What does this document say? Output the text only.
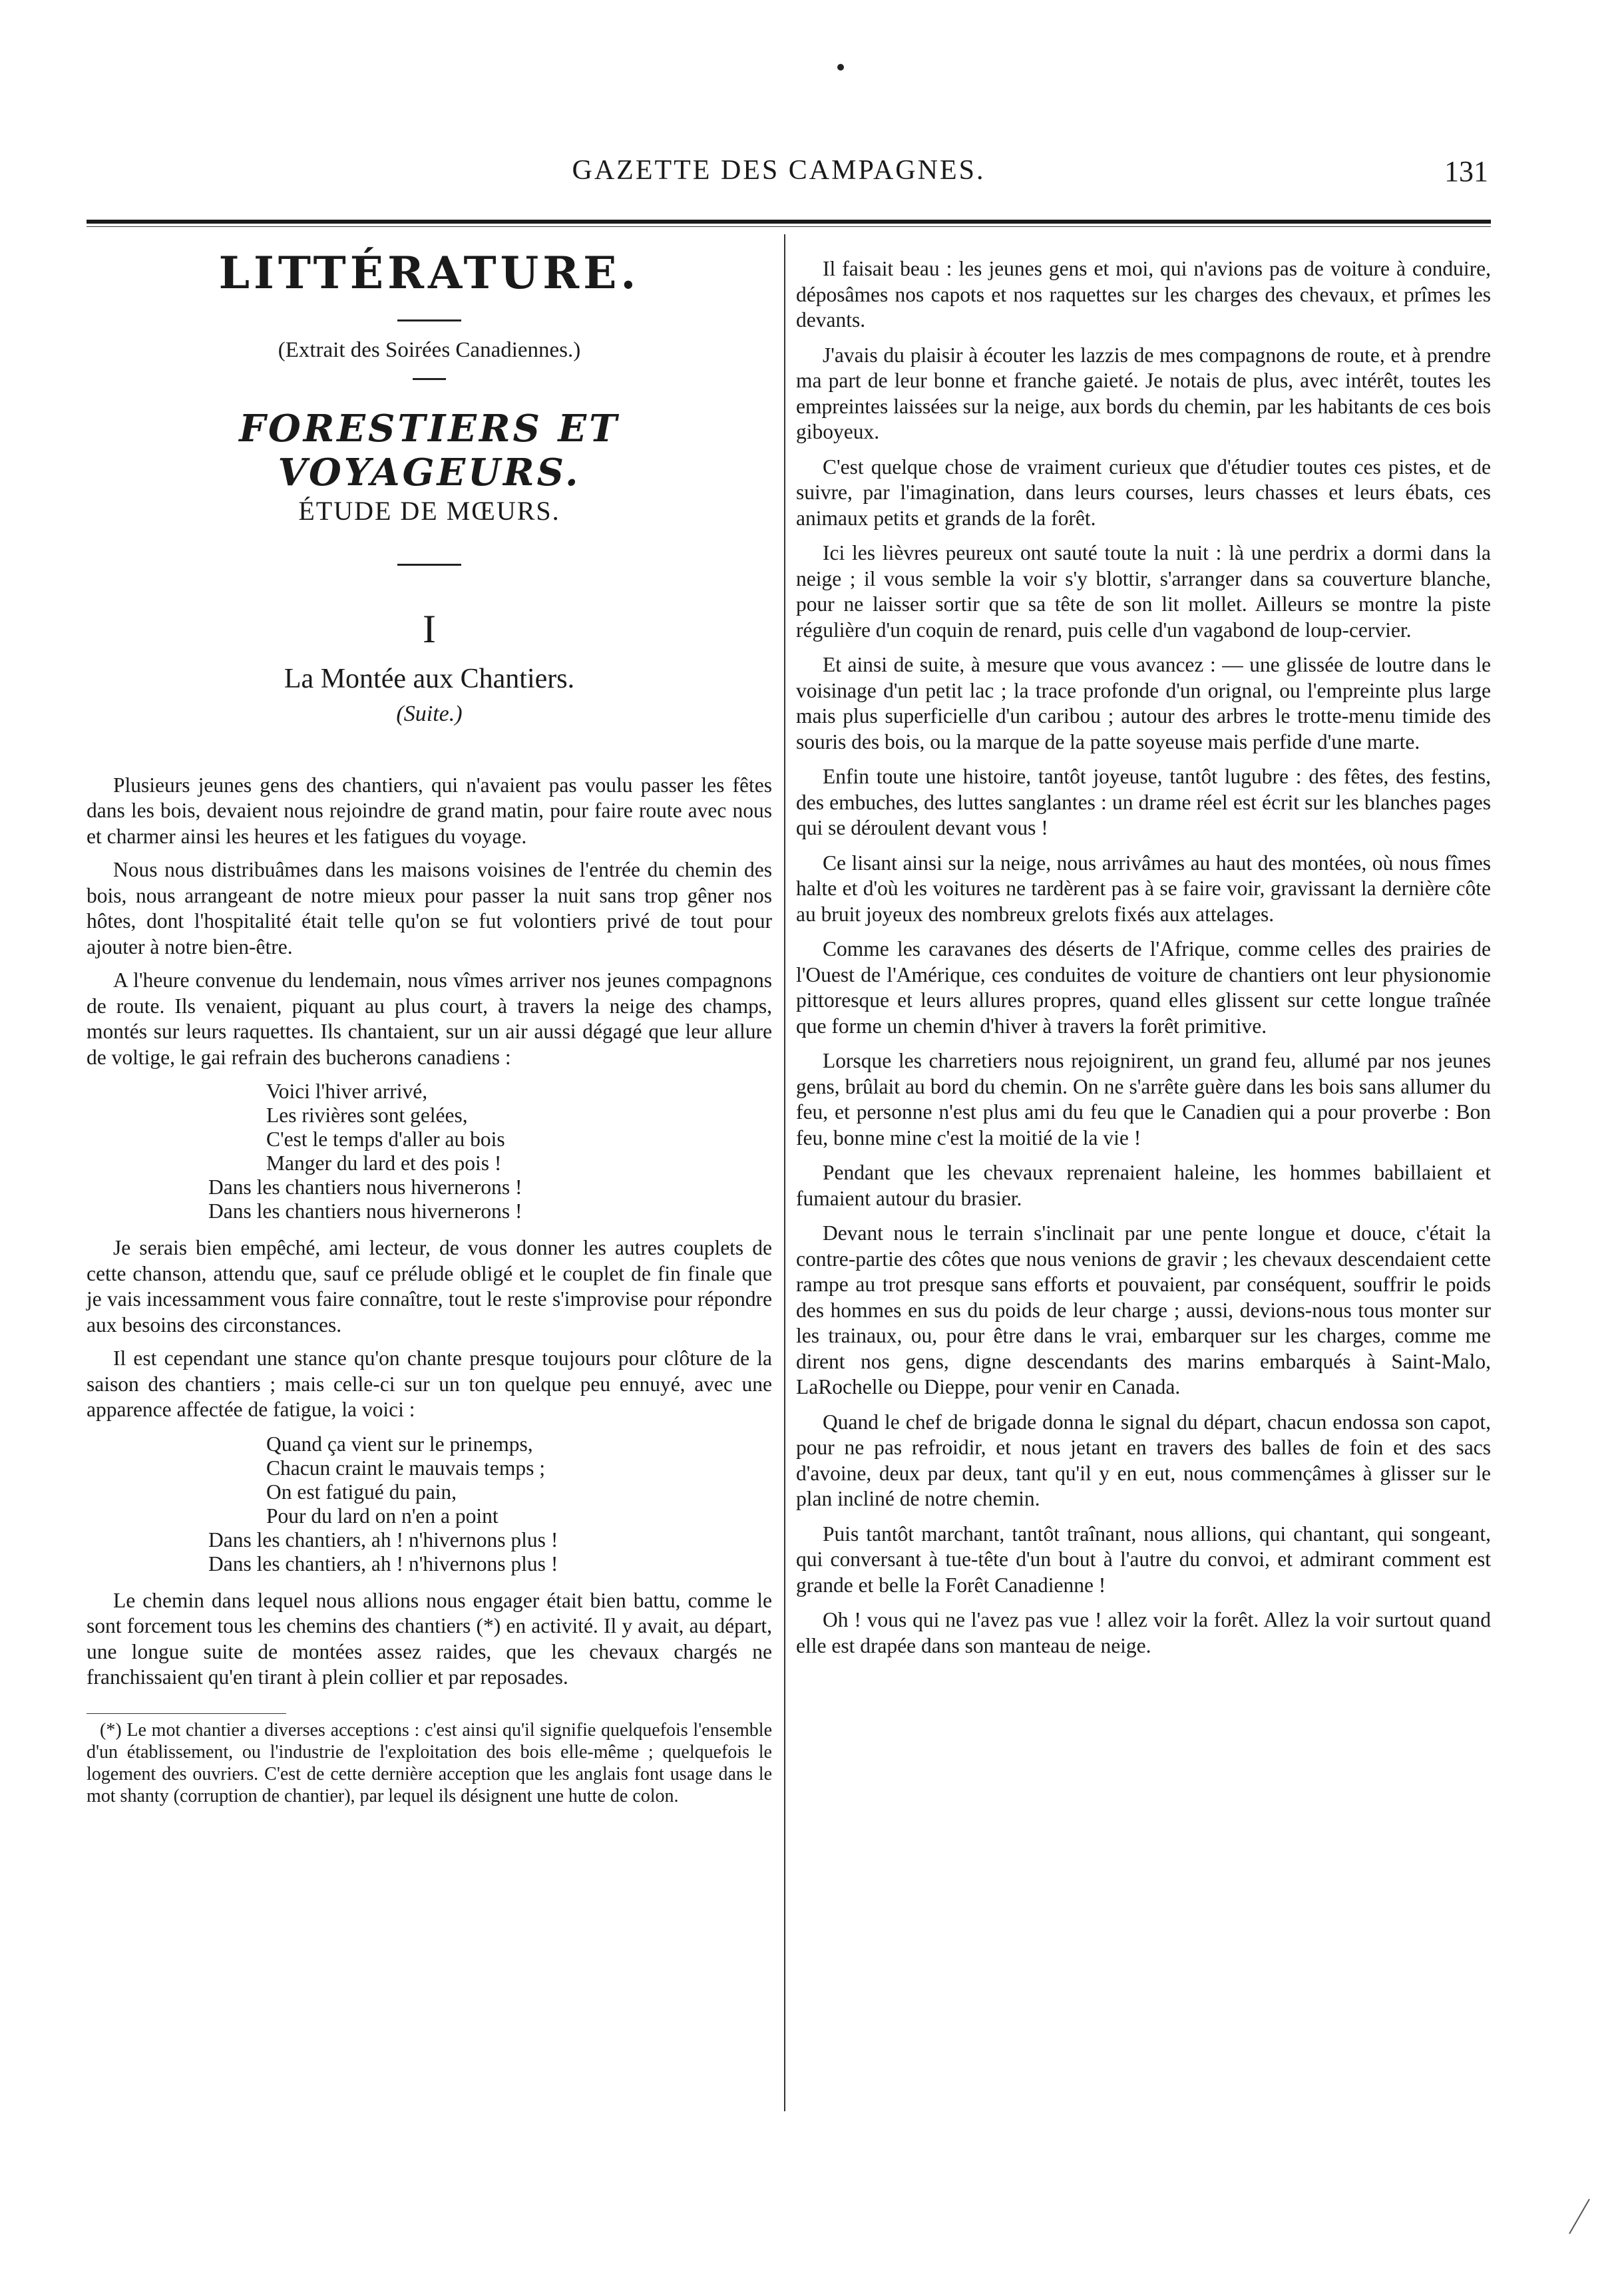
GAZETTE DES CAMPAGNES.	131
LITTÉRATURE.
(Extrait des Soirées Canadiennes.)
FORESTIERS ET VOYAGEURS.
ÉTUDE DE MŒURS.
I
La Montée aux Chantiers.
(Suite.)

Plusieurs jeunes gens des chantiers, qui n'avaient pas voulu passer les fêtes dans les bois, devaient nous rejoindre de grand matin, pour faire route avec nous et charmer ainsi les heures et les fatigues du voyage.

Nous nous distribuâmes dans les maisons voisines de l'entrée du chemin des bois, nous arrangeant de notre mieux pour passer la nuit sans trop gêner nos hôtes, dont l'hospitalité était telle qu'on se fut volontiers privé de tout pour ajouter à notre bien-être.

A l'heure convenue du lendemain, nous vîmes arriver nos jeunes compagnons de route. Ils venaient, piquant au plus court, à travers la neige des champs, montés sur leurs raquettes. Ils chantaient, sur un air aussi dégagé que leur allure de voltige, le gai refrain des bucherons canadiens :

Voici l'hiver arrivé,
Les rivières sont gelées,
C'est le temps d'aller au bois
Manger du lard et des pois !
Dans les chantiers nous hivernerons !
Dans les chantiers nous hivernerons !

Je serais bien empêché, ami lecteur, de vous donner les autres couplets de cette chanson, attendu que, sauf ce prélude obligé et le couplet de fin finale que je vais incessamment vous faire connaître, tout le reste s'improvise pour répondre aux besoins des circonstances.

Il est cependant une stance qu'on chante presque toujours pour clôture de la saison des chantiers ; mais celle-ci sur un ton quelque peu ennuyé, avec une apparence affectée de fatigue, la voici :

Quand ça vient sur le prinemps,
Chacun craint le mauvais temps ;
On est fatigué du pain,
Pour du lard on n'en a point
Dans les chantiers, ah ! n'hivernons plus !
Dans les chantiers, ah ! n'hivernons plus !

Le chemin dans lequel nous allions nous engager était bien battu, comme le sont forcement tous les chemins des chantiers (*) en activité. Il y avait, au départ, une longue suite de montées assez raides, que les chevaux chargés ne franchissaient qu'en tirant à plein collier et par reposades.

(*) Le mot chantier a diverses acceptions : c'est ainsi qu'il signifie quelquefois l'ensemble d'un établissement, ou l'industrie de l'exploitation des bois elle-même ; quelquefois le logement des ouvriers. C'est de cette dernière acception que les anglais font usage dans le mot shanty (corruption de chantier), par lequel ils désignent une hutte de colon.

Il faisait beau : les jeunes gens et moi, qui n'avions pas de voiture à conduire, déposâmes nos capots et nos raquettes sur les charges des chevaux, et prîmes les devants.

J'avais du plaisir à écouter les lazzis de mes compagnons de route, et à prendre ma part de leur bonne et franche gaieté. Je notais de plus, avec intérêt, toutes les empreintes laissées sur la neige, aux bords du chemin, par les habitants de ces bois giboyeux.

C'est quelque chose de vraiment curieux que d'étudier toutes ces pistes, et de suivre, par l'imagination, dans leurs courses, leurs chasses et leurs ébats, ces animaux petits et grands de la forêt.

Ici les lièvres peureux ont sauté toute la nuit : là une perdrix a dormi dans la neige ; il vous semble la voir s'y blottir, s'arranger dans sa couverture blanche, pour ne laisser sortir que sa tête de son lit mollet. Ailleurs se montre la piste régulière d'un coquin de renard, puis celle d'un vagabond de loup-cervier.

Et ainsi de suite, à mesure que vous avancez : — une glissée de loutre dans le voisinage d'un petit lac ; la trace profonde d'un orignal, ou l'empreinte plus large mais plus superficielle d'un caribou ; autour des arbres le trotte-menu timide des souris des bois, ou la marque de la patte soyeuse mais perfide d'une marte.

Enfin toute une histoire, tantôt joyeuse, tantôt lugubre : des fêtes, des festins, des embuches, des luttes sanglantes : un drame réel est écrit sur les blanches pages qui se déroulent devant vous !

Ce lisant ainsi sur la neige, nous arrivâmes au haut des montées, où nous fîmes halte et d'où les voitures ne tardèrent pas à se faire voir, gravissant la dernière côte au bruit joyeux des nombreux grelots fixés aux attelages.

Comme les caravanes des déserts de l'Afrique, comme celles des prairies de l'Ouest de l'Amérique, ces conduites de voiture de chantiers ont leur physionomie pittoresque et leurs allures propres, quand elles glissent sur cette longue traînée que forme un chemin d'hiver à travers la forêt primitive.

Lorsque les charretiers nous rejoignirent, un grand feu, allumé par nos jeunes gens, brûlait au bord du chemin. On ne s'arrête guère dans les bois sans allumer du feu, et personne n'est plus ami du feu que le Canadien qui a pour proverbe : Bon feu, bonne mine c'est la moitié de la vie !

Pendant que les chevaux reprenaient haleine, les hommes babillaient et fumaient autour du brasier.

Devant nous le terrain s'inclinait par une pente longue et douce, c'était la contre-partie des côtes que nous venions de gravir ; les chevaux descendaient cette rampe au trot presque sans efforts et pouvaient, par conséquent, souffrir le poids des hommes en sus du poids de leur charge ; aussi, devions-nous tous monter sur les trainaux, ou, pour être dans le vrai, embarquer sur les charges, comme me dirent nos gens, digne descendants des marins embarqués à Saint-Malo, LaRochelle ou Dieppe, pour venir en Canada.

Quand le chef de brigade donna le signal du départ, chacun endossa son capot, pour ne pas refroidir, et nous jetant en travers des balles de foin et des sacs d'avoine, deux par deux, tant qu'il y en eut, nous commençâmes à glisser sur le plan incliné de notre chemin.

Puis tantôt marchant, tantôt traînant, nous allions, qui chantant, qui songeant, qui conversant à tue-tête d'un bout à l'autre du convoi, et admirant comment est grande et belle la Forêt Canadienne !

Oh ! vous qui ne l'avez pas vue ! allez voir la forêt. Allez la voir surtout quand elle est drapée dans son manteau de neige.
